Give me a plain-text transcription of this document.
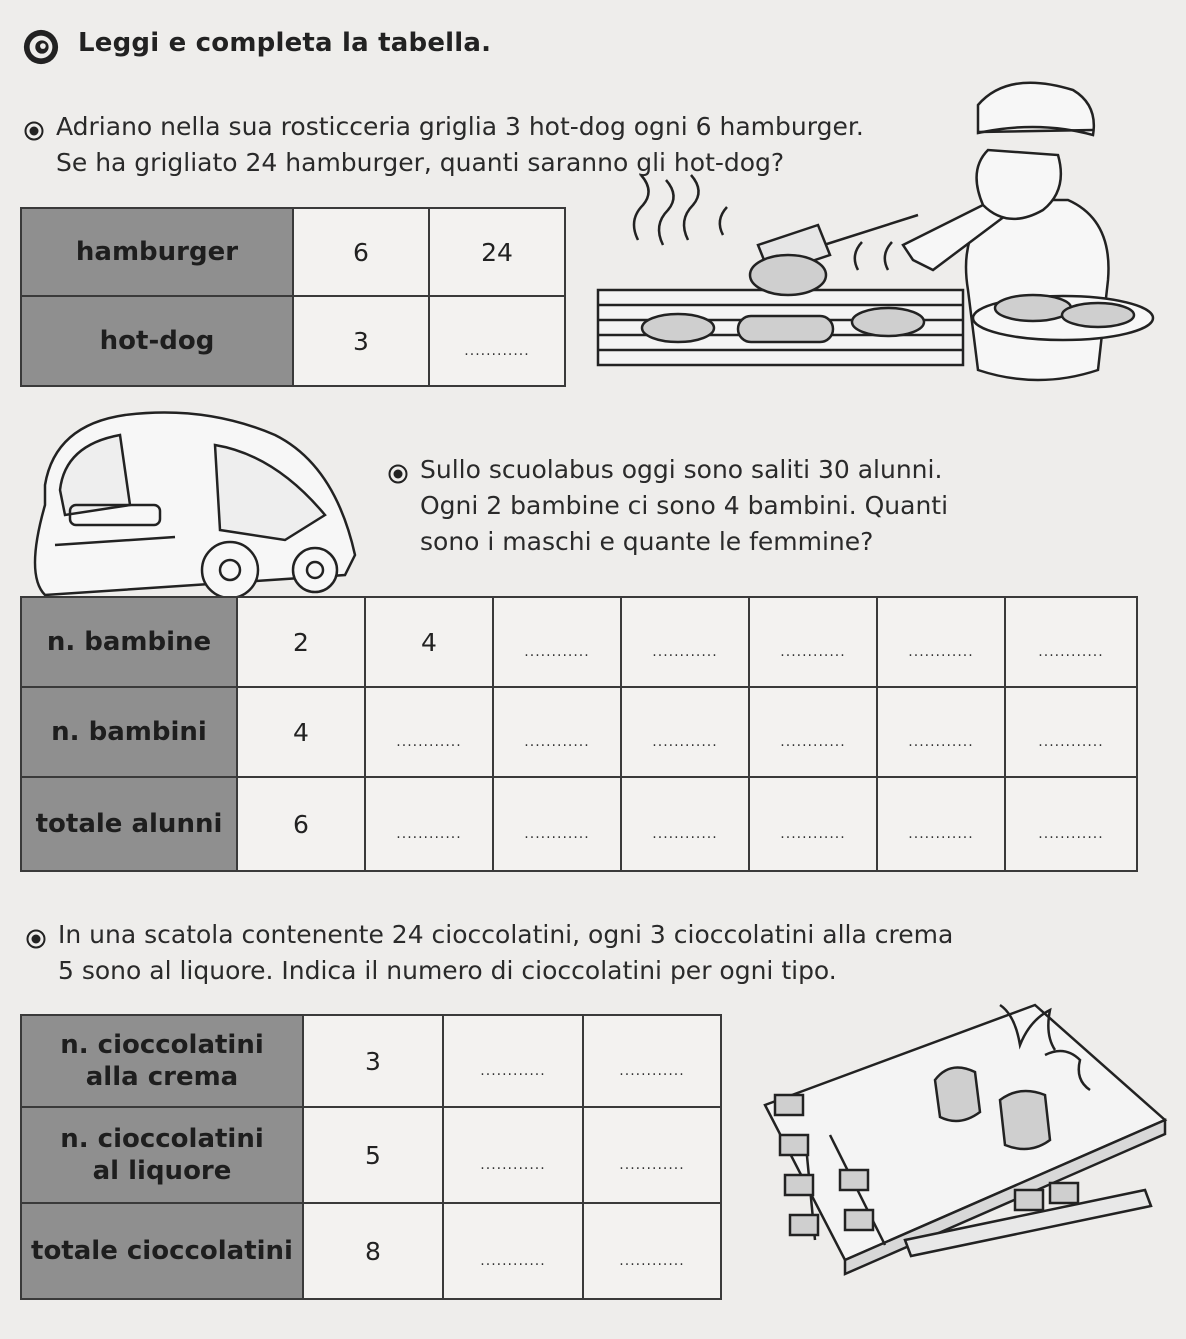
Leggi e completa la tabella.
Adriano nella sua rosticceria griglia 3 hot-dog ogni 6 hamburger.
Se ha grigliato 24 hamburger, quanti saranno gli hot-dog?
hamburger	6	24
hot-dog	3	............
Sullo scuolabus oggi sono saliti 30 alunni.
Ogni 2 bambine ci sono 4 bambini. Quanti
sono i maschi e quante le femmine?
n. bambine	2	4	............	............	............	............	............
n. bambini	4	............	............	............	............	............	............
totale alunni	6	............	............	............	............	............	............
In una scatola contenente 24 cioccolatini, ogni 3 cioccolatini alla crema
5 sono al liquore. Indica il numero di cioccolatini per ogni tipo.
n. cioccolatini
alla crema	3	............	............
n. cioccolatini
al liquore	5	............	............
totale cioccolatini	8	............	............
